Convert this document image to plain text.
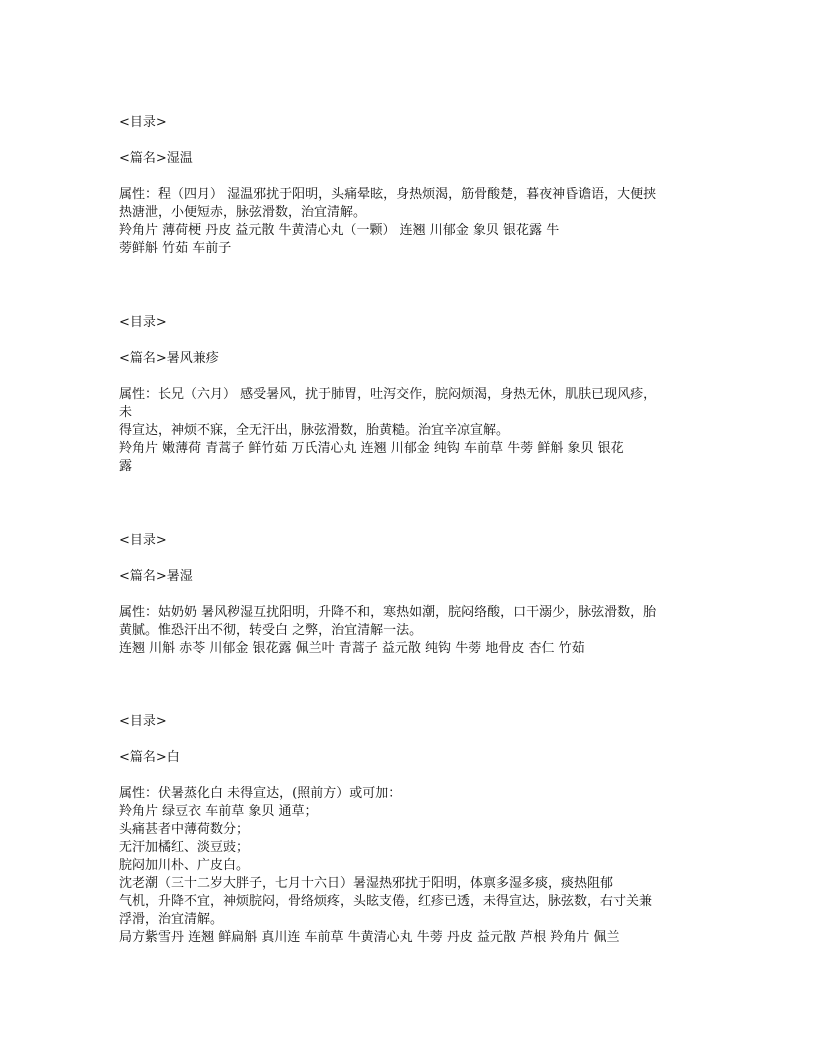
<目录>
<篇名>湿温
属性：程（四月） 湿温邪扰于阳明，头痛晕眩，身热烦渴，筋骨酸楚，暮夜神昏谵语，大便挟
热溏泄，小便短赤，脉弦滑数，治宜清解。
羚角片 薄荷梗 丹皮 益元散 牛黄清心丸（一颗） 连翘 川郁金 象贝 银花露 牛
蒡鲜斛 竹茹 车前子
<目录>
<篇名>暑风兼疹
属性：长兄（六月） 感受暑风，扰于肺胃，吐泻交作，脘闷烦渴，身热无休，肌肤已现风疹，
未
得宣达，神烦不寐，全无汗出，脉弦滑数，胎黄糙。治宜辛凉宣解。
羚角片 嫩薄荷 青蒿子 鲜竹茹 万氏清心丸 连翘 川郁金 纯钩 车前草 牛蒡 鲜斛 象贝 银花
露
<目录>
<篇名>暑湿
属性：姑奶奶 暑风秽湿互扰阳明，升降不和，寒热如潮，脘闷络酸，口干溺少，脉弦滑数，胎
黄腻。惟恐汗出不彻，转受白 之弊，治宜清解一法。
连翘 川斛 赤苓 川郁金 银花露 佩兰叶 青蒿子 益元散 纯钩 牛蒡 地骨皮 杏仁 竹茹
<目录>
<篇名>白
属性：伏暑蒸化白 未得宣达，(照前方）或可加：
羚角片 绿豆衣 车前草 象贝 通草；
头痛甚者中薄荷数分；
无汗加橘红、淡豆豉；
脘闷加川朴、广皮白。
沈老潮（三十二岁大胖子，七月十六日）暑湿热邪扰于阳明，体禀多湿多痰，痰热阻郁
气机，升降不宜，神烦脘闷，骨络烦疼，头眩支倦，红疹已透，未得宣达，脉弦数，右寸关兼
浮滑，治宜清解。
局方紫雪丹 连翘 鲜扁斛 真川连 车前草 牛黄清心丸 牛蒡 丹皮 益元散 芦根 羚角片 佩兰
